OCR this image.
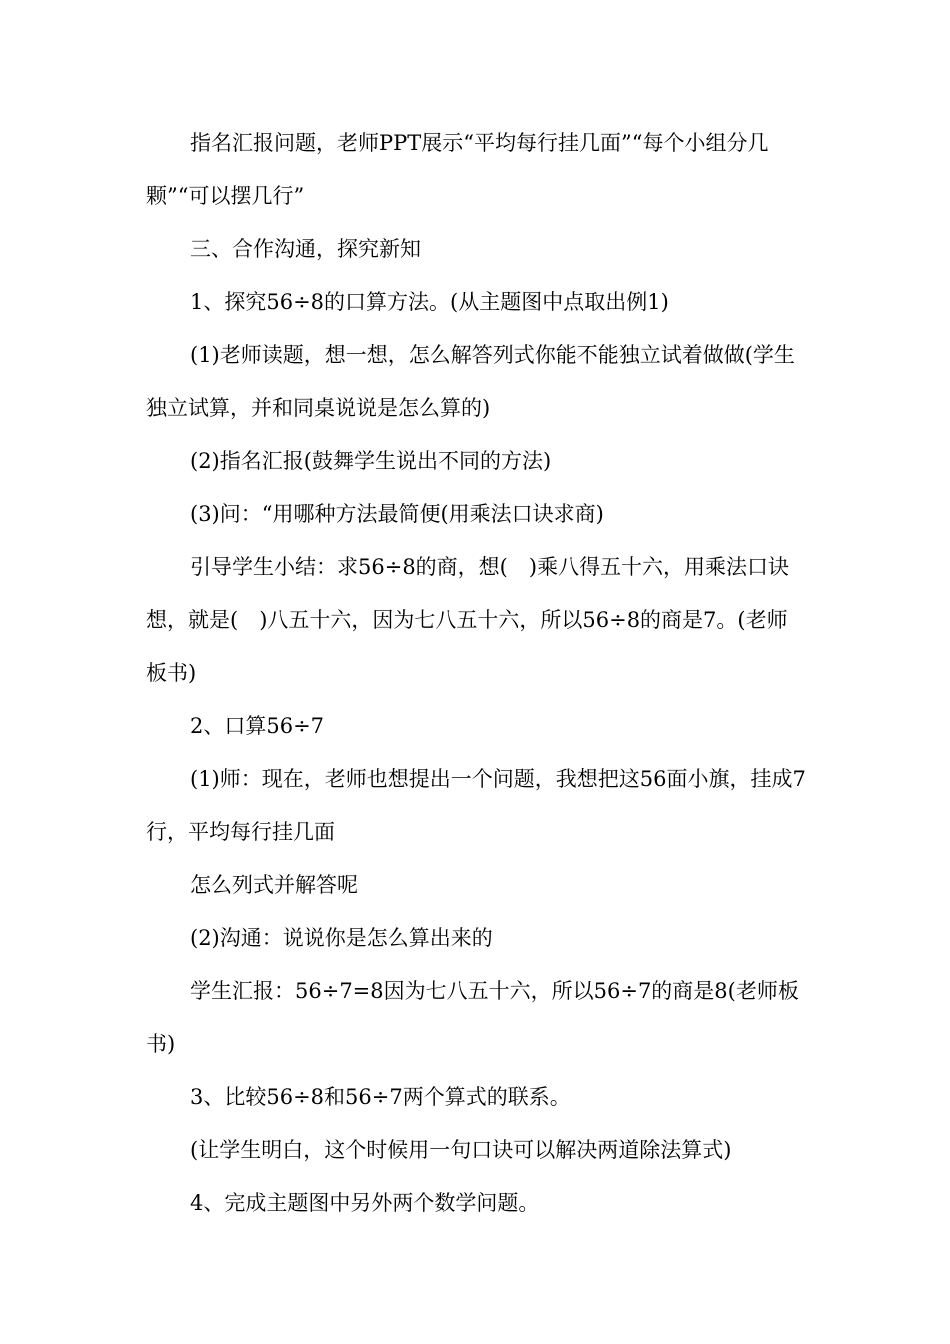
指名汇报问题，老师PPT展示“平均每行挂几面”“每个小组分几颗”“可以摆几行”

三、合作沟通，探究新知

1、探究56÷8的口算方法。(从主题图中点取出例1)

(1)老师读题，想一想，怎么解答列式你能不能独立试着做做(学生独立试算，并和同桌说说是怎么算的)

(2)指名汇报(鼓舞学生说出不同的方法)

(3)问：“用哪种方法最简便(用乘法口诀求商)

引导学生小结：求56÷8的商，想(　)乘八得五十六，用乘法口诀想，就是(　)八五十六，因为七八五十六，所以56÷8的商是7。(老师板书)

2、口算56÷7

(1)师：现在，老师也想提出一个问题，我想把这56面小旗，挂成7行，平均每行挂几面

怎么列式并解答呢

(2)沟通：说说你是怎么算出来的

学生汇报：56÷7=8因为七八五十六，所以56÷7的商是8(老师板书)

3、比较56÷8和56÷7两个算式的联系。

(让学生明白，这个时候用一句口诀可以解决两道除法算式)

4、完成主题图中另外两个数学问题。
